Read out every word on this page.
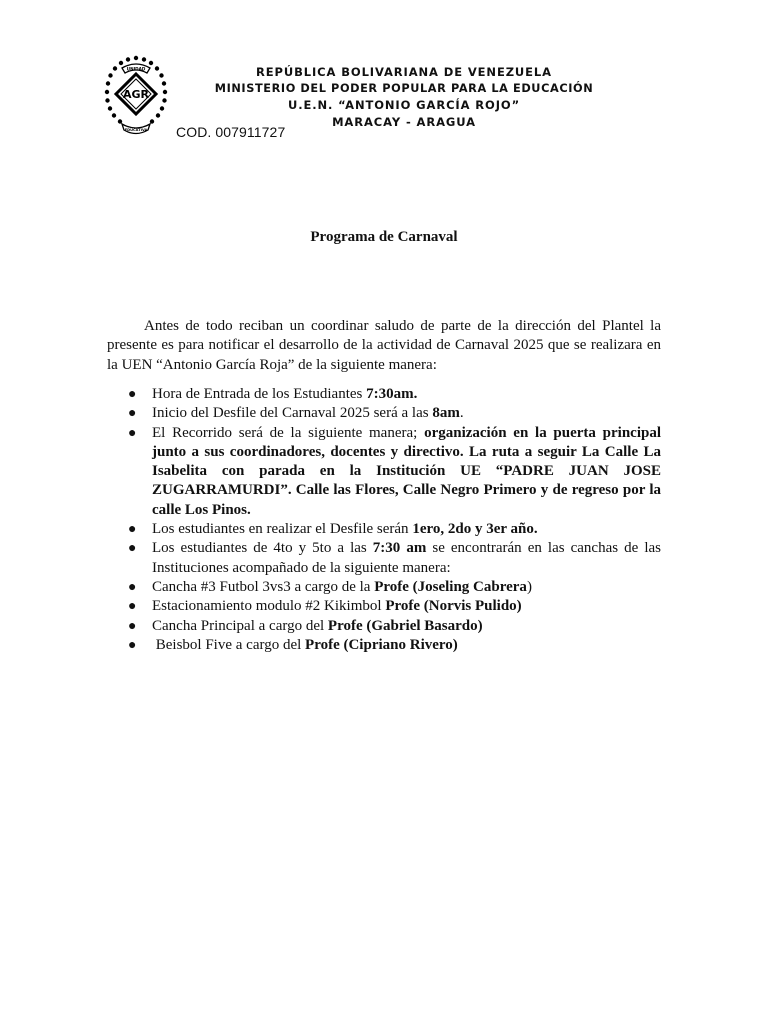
UNIDAD
AGR
EDUCATIVA
REPÚBLICA BOLIVARIANA DE VENEZUELA
MINISTERIO DEL PODER POPULAR PARA LA EDUCACIÓN
U.E.N. “ANTONIO GARCÍA ROJO”
MARACAY - ARAGUA
COD. 007911727
Programa de Carnaval

Antes de todo reciban un coordinar saludo de parte de la dirección del Plantel la presente es para notificar el desarrollo de la actividad de Carnaval 2025 que se realizara en la UEN “Antonio García Roja” de la siguiente manera:

● Hora de Entrada de los Estudiantes 7:30am.
● Inicio del Desfile del Carnaval 2025 será a las 8am.
● El Recorrido será de la siguiente manera; organización en la puerta principal junto a sus coordinadores, docentes y directivo. La ruta a seguir La Calle La Isabelita con parada en la Institución UE “PADRE JUAN JOSE ZUGARRAMURDI”. Calle las Flores, Calle Negro Primero y de regreso por la calle Los Pinos.
● Los estudiantes en realizar el Desfile serán 1ero, 2do y 3er año.
● Los estudiantes de 4to y 5to a las 7:30 am se encontrarán en las canchas de las Instituciones acompañado de la siguiente manera:
● Cancha #3 Futbol 3vs3 a cargo de la Profe (Joseling Cabrera)
● Estacionamiento modulo #2 Kikimbol Profe (Norvis Pulido)
● Cancha Principal a cargo del Profe (Gabriel Basardo)
● Beisbol Five a cargo del Profe (Cipriano Rivero)
